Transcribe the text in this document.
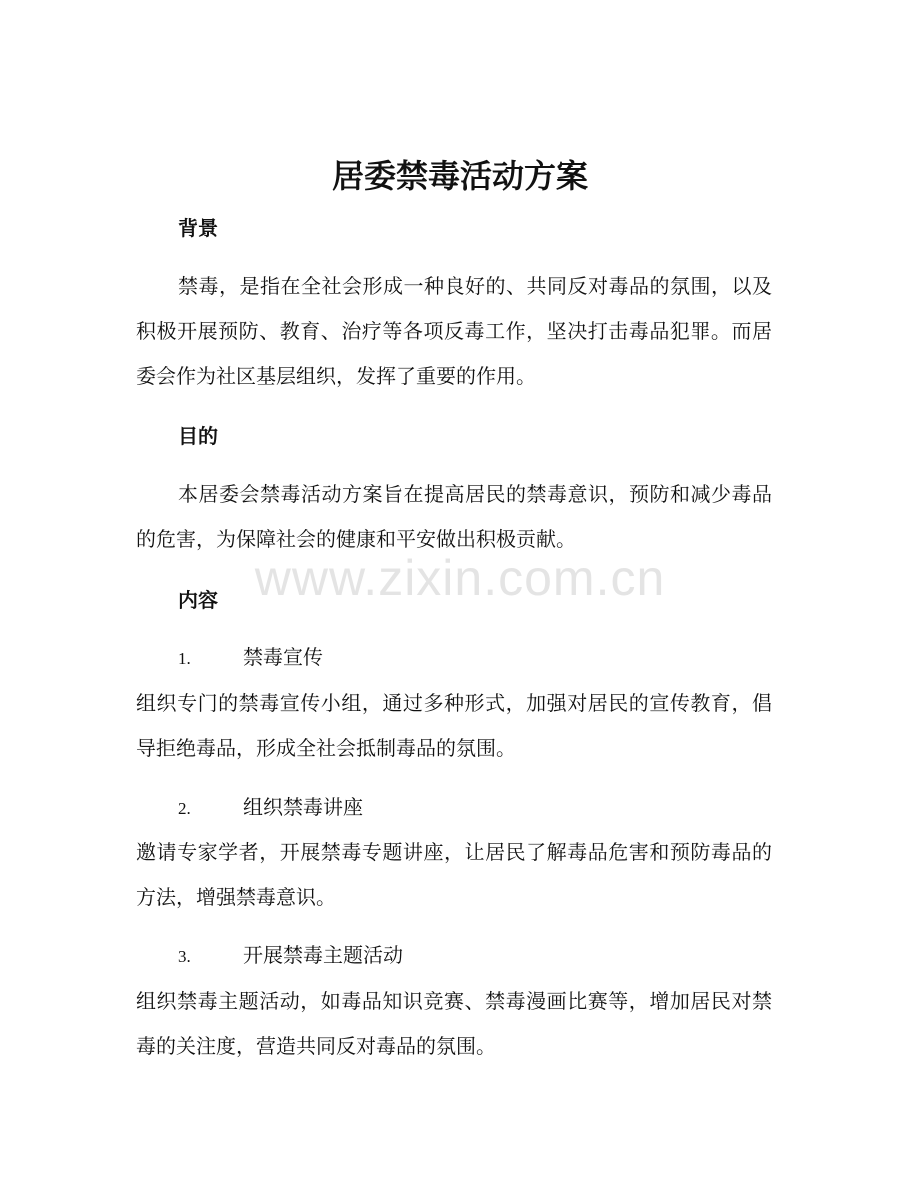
居委禁毒活动方案
背景

禁毒，是指在全社会形成一种良好的、共同反对毒品的氛围，以及积极开展预防、教育、治疗等各项反毒工作，坚决打击毒品犯罪。而居委会作为社区基层组织，发挥了重要的作用。

目的

本居委会禁毒活动方案旨在提高居民的禁毒意识，预防和减少毒品的危害，为保障社会的健康和平安做出积极贡献。

内容
1.	禁毒宣传

组织专门的禁毒宣传小组，通过多种形式，加强对居民的宣传教育，倡导拒绝毒品，形成全社会抵制毒品的氛围。

2.	组织禁毒讲座

邀请专家学者，开展禁毒专题讲座，让居民了解毒品危害和预防毒品的方法，增强禁毒意识。

3.	开展禁毒主题活动

组织禁毒主题活动，如毒品知识竞赛、禁毒漫画比赛等，增加居民对禁毒的关注度，营造共同反对毒品的氛围。

www.zixin.com.cn
